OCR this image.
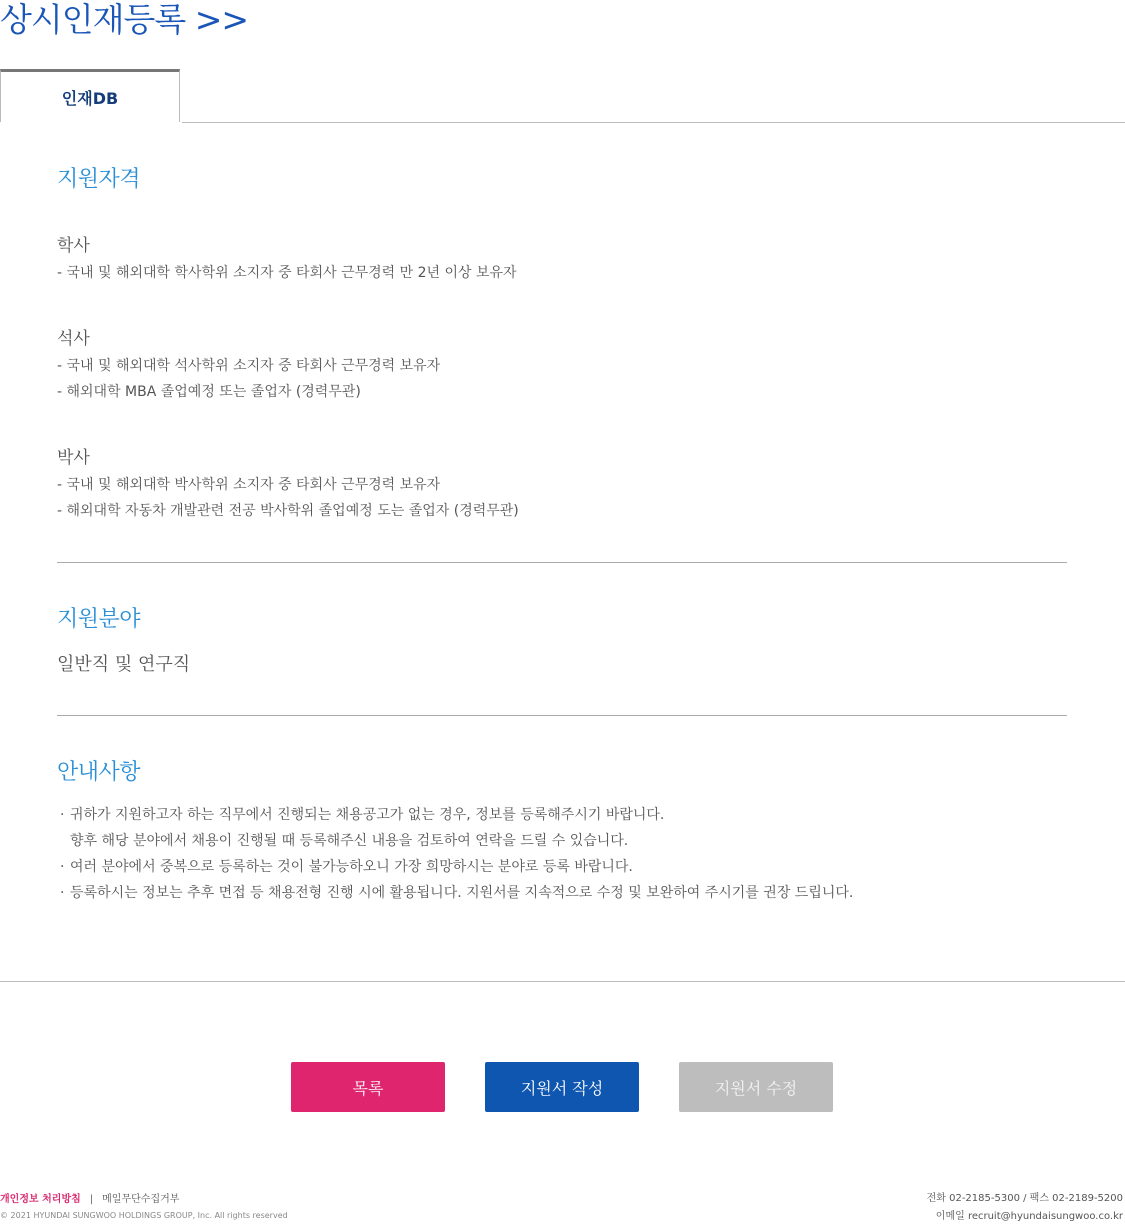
상시인재등록 >>
인재DB
지원자격
학사

- 국내 및 해외대학 학사학위 소지자 중 타회사 근무경력 만 2년 이상 보유자

석사

- 국내 및 해외대학 석사학위 소지자 중 타회사 근무경력 보유자

- 해외대학 MBA 졸업예정 또는 졸업자 (경력무관)

박사

- 국내 및 해외대학 박사학위 소지자 중 타회사 근무경력 보유자

- 해외대학 자동차 개발관련 전공 박사학위 졸업예정 도는 졸업자 (경력무관)

지원분야

일반직 및 연구직

안내사항
· 귀하가 지원하고자 하는 직무에서 진행되는 채용공고가 없는 경우, 정보를 등록해주시기 바랍니다.
향후 해당 분야에서 채용이 진행될 때 등록해주신 내용을 검토하여 연락을 드릴 수 있습니다.
· 여러 분야에서 중복으로 등록하는 것이 불가능하오니 가장 희망하시는 분야로 등록 바랍니다.
· 등록하시는 정보는 추후 면접 등 채용전형 진행 시에 활용됩니다. 지원서를 지속적으로 수정 및 보완하여 주시기를 권장 드립니다.
목록	지원서 작성	지원서 수정
개인정보 처리방침 | 메일무단수집거부
© 2021 HYUNDAI SUNGWOO HOLDINGS GROUP, Inc. All rights reserved
전화 02-2185-5300 / 팩스 02-2189-5200
이메일 recruit@hyundaisungwoo.co.kr
